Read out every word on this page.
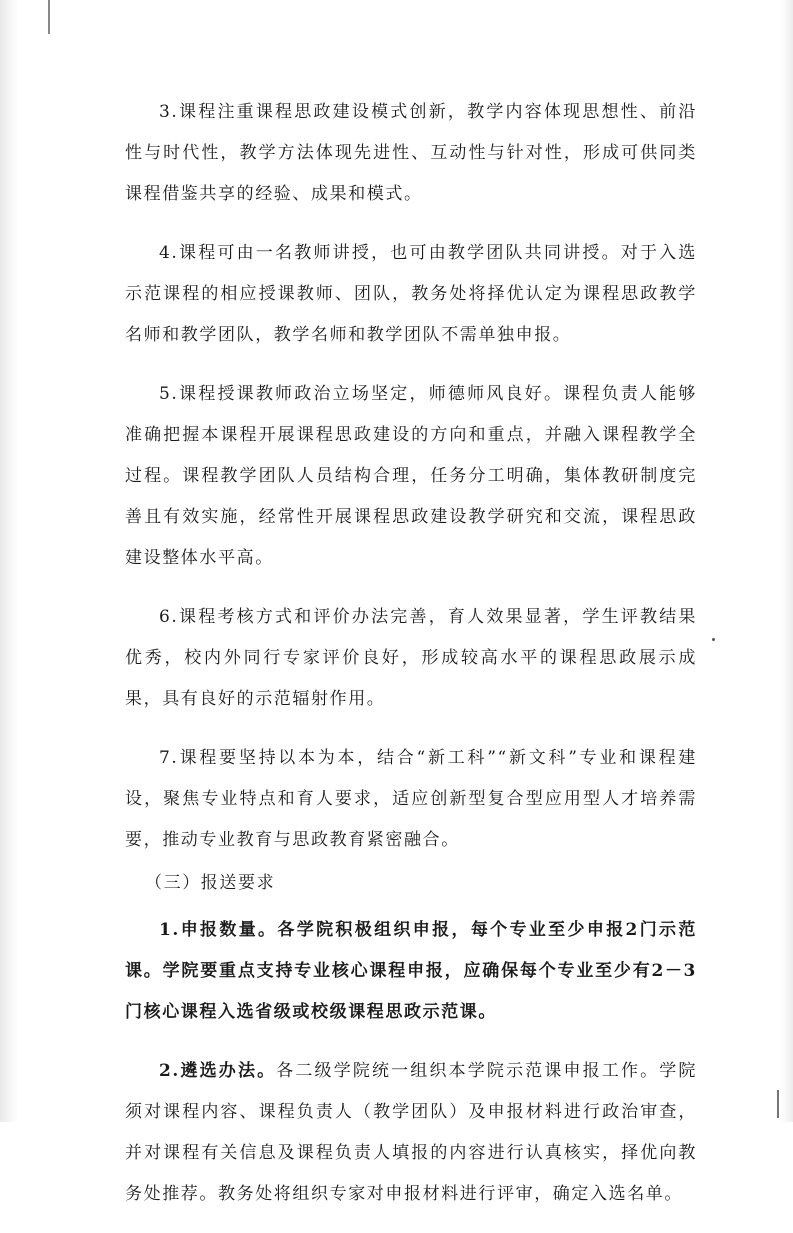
3.课程注重课程思政建设模式创新，教学内容体现思想性、前沿性与时代性，教学方法体现先进性、互动性与针对性，形成可供同类课程借鉴共享的经验、成果和模式。

4.课程可由一名教师讲授，也可由教学团队共同讲授。对于入选示范课程的相应授课教师、团队，教务处将择优认定为课程思政教学名师和教学团队，教学名师和教学团队不需单独申报。

5.课程授课教师政治立场坚定，师德师风良好。课程负责人能够准确把握本课程开展课程思政建设的方向和重点，并融入课程教学全过程。课程教学团队人员结构合理，任务分工明确，集体教研制度完善且有效实施，经常性开展课程思政建设教学研究和交流，课程思政建设整体水平高。

6.课程考核方式和评价办法完善，育人效果显著，学生评教结果优秀，校内外同行专家评价良好，形成较高水平的课程思政展示成果，具有良好的示范辐射作用。

7.课程要坚持以本为本，结合“新工科”“新文科”专业和课程建设，聚焦专业特点和育人要求，适应创新型复合型应用型人才培养需要，推动专业教育与思政教育紧密融合。

（三）报送要求

1.申报数量。各学院积极组织申报，每个专业至少申报2门示范课。学院要重点支持专业核心课程申报，应确保每个专业至少有2－3门核心课程入选省级或校级课程思政示范课。

2.遴选办法。各二级学院统一组织本学院示范课申报工作。学院须对课程内容、课程负责人（教学团队）及申报材料进行政治审查，并对课程有关信息及课程负责人填报的内容进行认真核实，择优向教务处推荐。教务处将组织专家对申报材料进行评审，确定入选名单。
